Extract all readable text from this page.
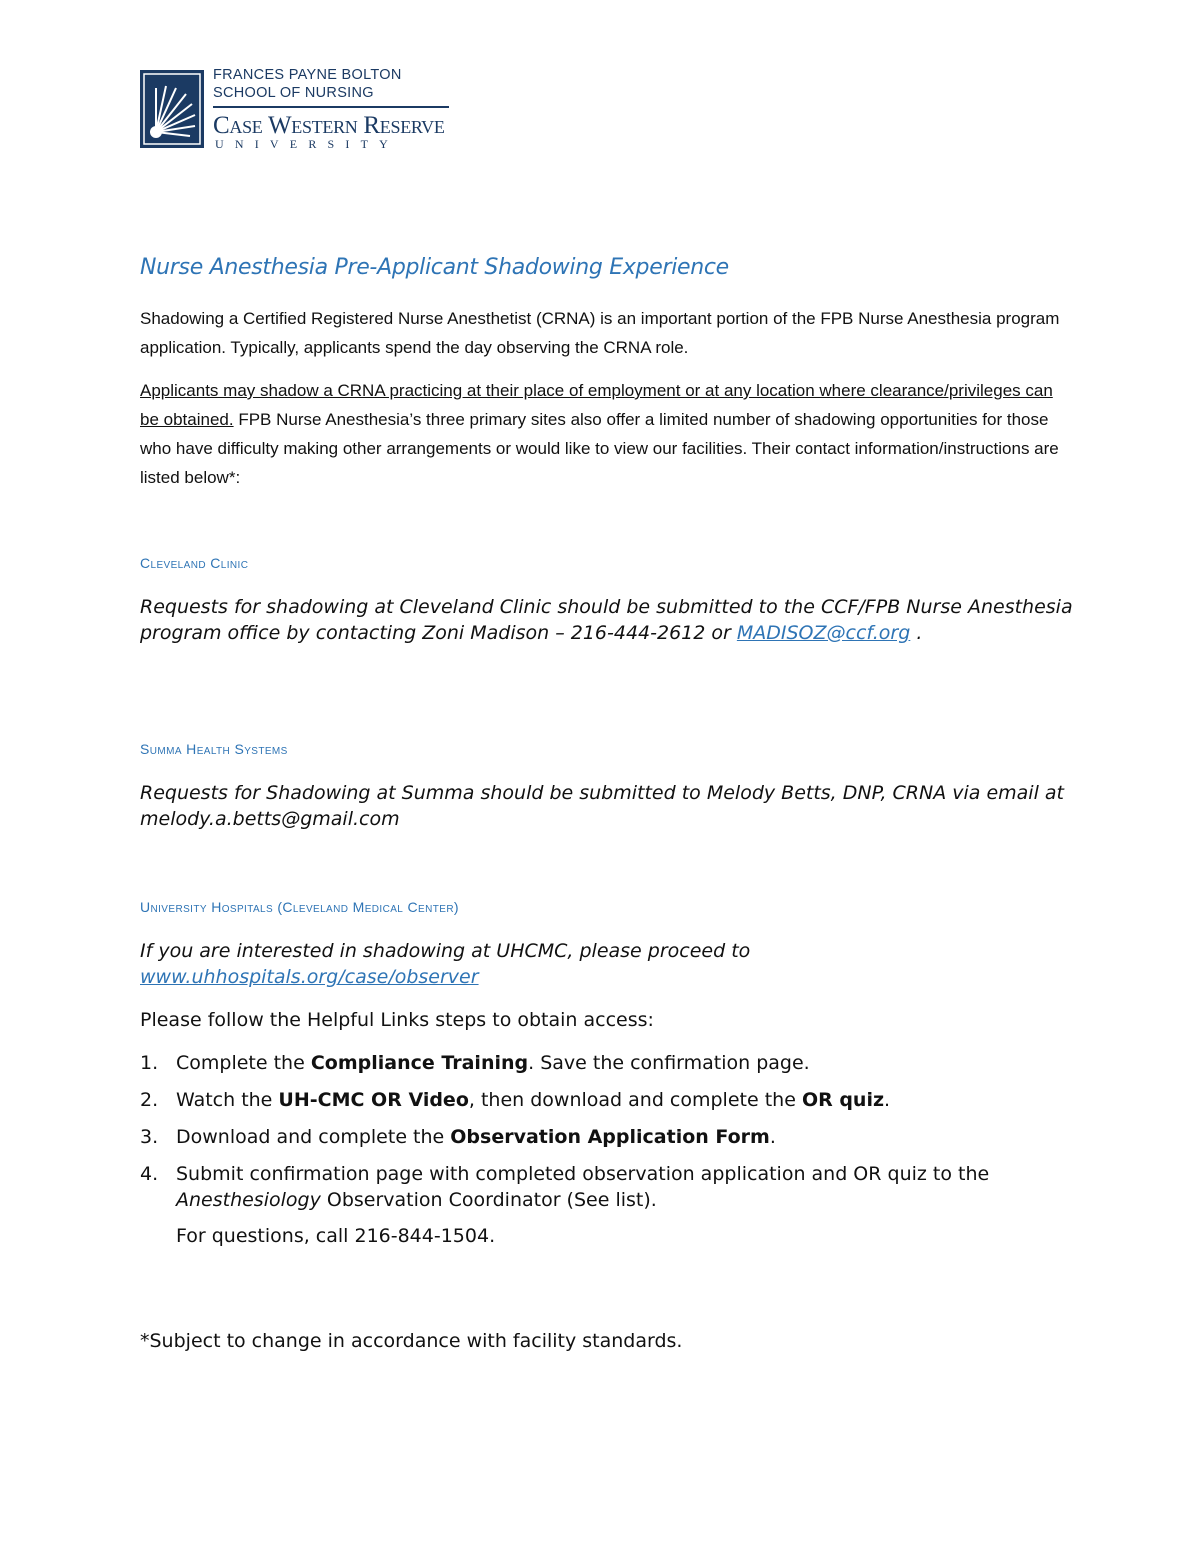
FRANCES PAYNE BOLTON
SCHOOL OF NURSING
Case Western Reserve
UNIVERSITY
Nurse Anesthesia Pre-Applicant Shadowing Experience

Shadowing a Certified Registered Nurse Anesthetist (CRNA) is an important portion of the FPB Nurse Anesthesia program application. Typically, applicants spend the day observing the CRNA role.

Applicants may shadow a CRNA practicing at their place of employment or at any location where clearance/privileges can be obtained. FPB Nurse Anesthesia’s three primary sites also offer a limited number of shadowing opportunities for those who have difficulty making other arrangements or would like to view our facilities. Their contact information/instructions are listed below*:

Cleveland Clinic

Requests for shadowing at Cleveland Clinic should be submitted to the CCF/FPB Nurse Anesthesia program office by contacting Zoni Madison – 216-444-2612 or MADISOZ@ccf.org .

Summa Health Systems

Requests for Shadowing at Summa should be submitted to Melody Betts, DNP, CRNA via email at melody.a.betts@gmail.com

University Hospitals (Cleveland Medical Center)

If you are interested in shadowing at UHCMC, please proceed to www.uhhospitals.org/case/observer

Please follow the Helpful Links steps to obtain access:

1. Complete the Compliance Training. Save the confirmation page.
2. Watch the UH-CMC OR Video, then download and complete the OR quiz.
3. Download and complete the Observation Application Form.
4. Submit confirmation page with completed observation application and OR quiz to the Anesthesiology Observation Coordinator (See list).

For questions, call 216-844-1504.

*Subject to change in accordance with facility standards.
